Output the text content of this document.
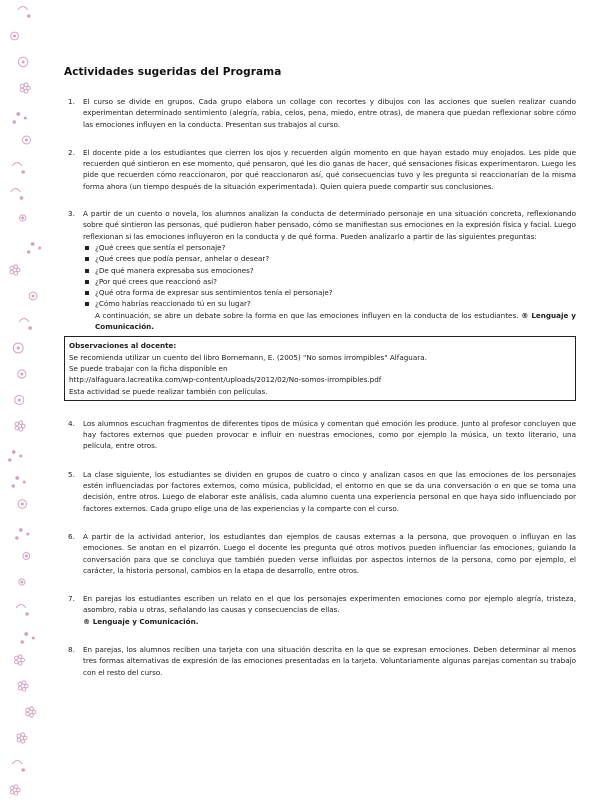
Actividades sugeridas del Programa
1. El curso se divide en grupos. Cada grupo elabora un collage con recortes y dibujos con las acciones que suelen realizar cuando experimentan determinado sentimiento (alegría, rabia, celos, pena, miedo, entre otras), de manera que puedan reflexionar sobre cómo las emociones influyen en la conducta. Presentan sus trabajos al curso.
2. El docente pide a los estudiantes que cierren los ojos y recuerden algún momento en que hayan estado muy enojados. Les pide que recuerden qué sintieron en ese momento, qué pensaron, qué les dio ganas de hacer, qué sensaciones físicas experimentaron. Luego les pide que recuerden cómo reaccionaron, por qué reaccionaron así, qué consecuencias tuvo y les pregunta si reaccionarían de la misma forma ahora (un tiempo después de la situación experimentada). Quien quiera puede compartir sus conclusiones.
3. A partir de un cuento o novela, los alumnos analizan la conducta de determinado personaje en una situación concreta, reflexionando sobre qué sintieron las personas, qué pudieron haber pensado, cómo se manifiestan sus emociones en la expresión física y facial. Luego reflexionan si las emociones influyeron en la conducta y de qué forma. Pueden analizarlo a partir de las siguientes preguntas:
¿Qué crees que sentía el personaje?
¿Qué crees que podía pensar, anhelar o desear?
¿De qué manera expresaba sus emociones?
¿Por qué crees que reaccionó así?
¿Qué otra forma de expresar sus sentimientos tenía el personaje?
¿Cómo habrías reaccionado tú en su lugar?
A continuación, se abre un debate sobre la forma en que las emociones influyen en la conducta de los estudiantes. ® Lenguaje y Comunicación.
Observaciones al docente:
Se recomienda utilizar un cuento del libro Bornemann, E. (2005) "No somos irrompibles" Alfaguara.
Se puede trabajar con la ficha disponible en
http://alfaguara.lacreatika.com/wp-content/uploads/2012/02/No-somos-irrompibles.pdf
Esta actividad se puede realizar también con películas.
4. Los alumnos escuchan fragmentos de diferentes tipos de música y comentan qué emoción les produce. Junto al profesor concluyen que hay factores externos que pueden provocar e influir en nuestras emociones, como por ejemplo la música, un texto literario, una película, entre otros.
5. La clase siguiente, los estudiantes se dividen en grupos de cuatro o cinco y analizan casos en que las emociones de los personajes estén influenciadas por factores externos, como música, publicidad, el entorno en que se da una conversación o en que se toma una decisión, entre otros. Luego de elaborar este análisis, cada alumno cuenta una experiencia personal en que haya sido influenciado por factores externos. Cada grupo elige una de las experiencias y la comparte con el curso.
6. A partir de la actividad anterior, los estudiantes dan ejemplos de causas externas a la persona, que provoquen o influyan en las emociones. Se anotan en el pizarrón. Luego el docente les pregunta qué otros motivos pueden influenciar las emociones, guiando la conversación para que se concluya que también pueden verse influidas por aspectos internos de la persona, como por ejemplo, el carácter, la historia personal, cambios en la etapa de desarrollo, entre otros.
7. En parejas los estudiantes escriben un relato en el que los personajes experimenten emociones como por ejemplo alegría, tristeza, asombro, rabia u otras, señalando las causas y consecuencias de ellas.
® Lenguaje y Comunicación.
8. En parejas, los alumnos reciben una tarjeta con una situación descrita en la que se expresan emociones. Deben determinar al menos tres formas alternativas de expresión de las emociones presentadas en la tarjeta. Voluntariamente algunas parejas comentan su trabajo con el resto del curso.
